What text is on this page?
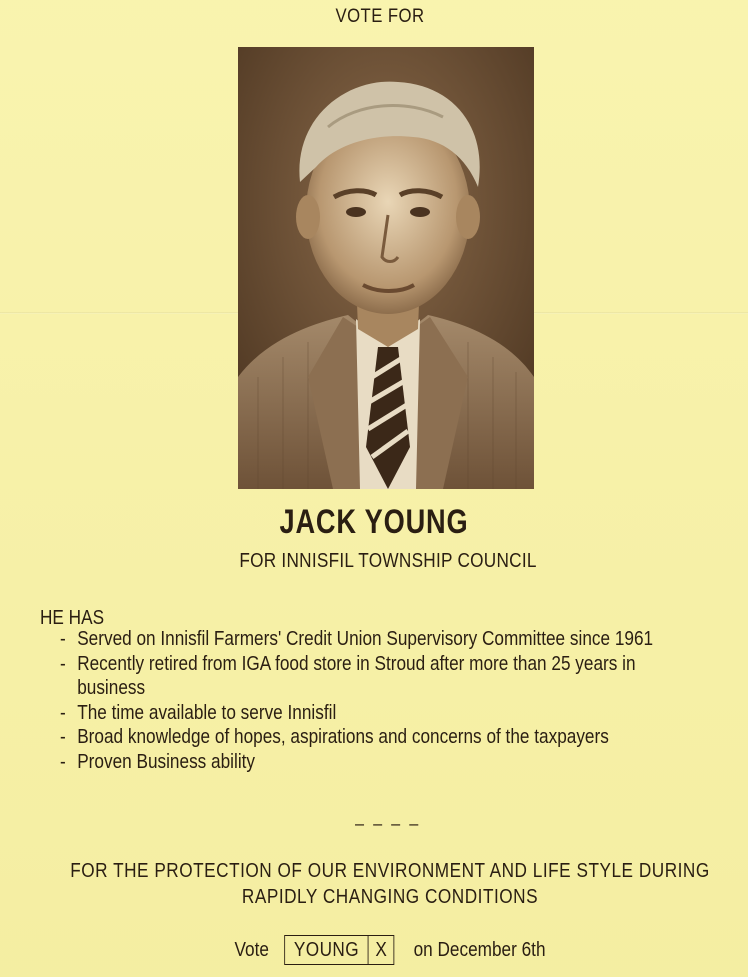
VOTE FOR
JACK YOUNG
FOR INNISFIL TOWNSHIP COUNCIL
HE HAS
- Served on Innisfil Farmers' Credit Union Supervisory Committee since 1961
- Recently retired from IGA food store in Stroud after more than 25 years in business
- The time available to serve Innisfil
- Broad knowledge of hopes, aspirations and concerns of the taxpayers
- Proven Business ability
_ _ _ _
FOR THE PROTECTION OF OUR ENVIRONMENT AND LIFE STYLE DURING
RAPIDLY CHANGING CONDITIONS
Vote	YOUNG X	on December 6th
